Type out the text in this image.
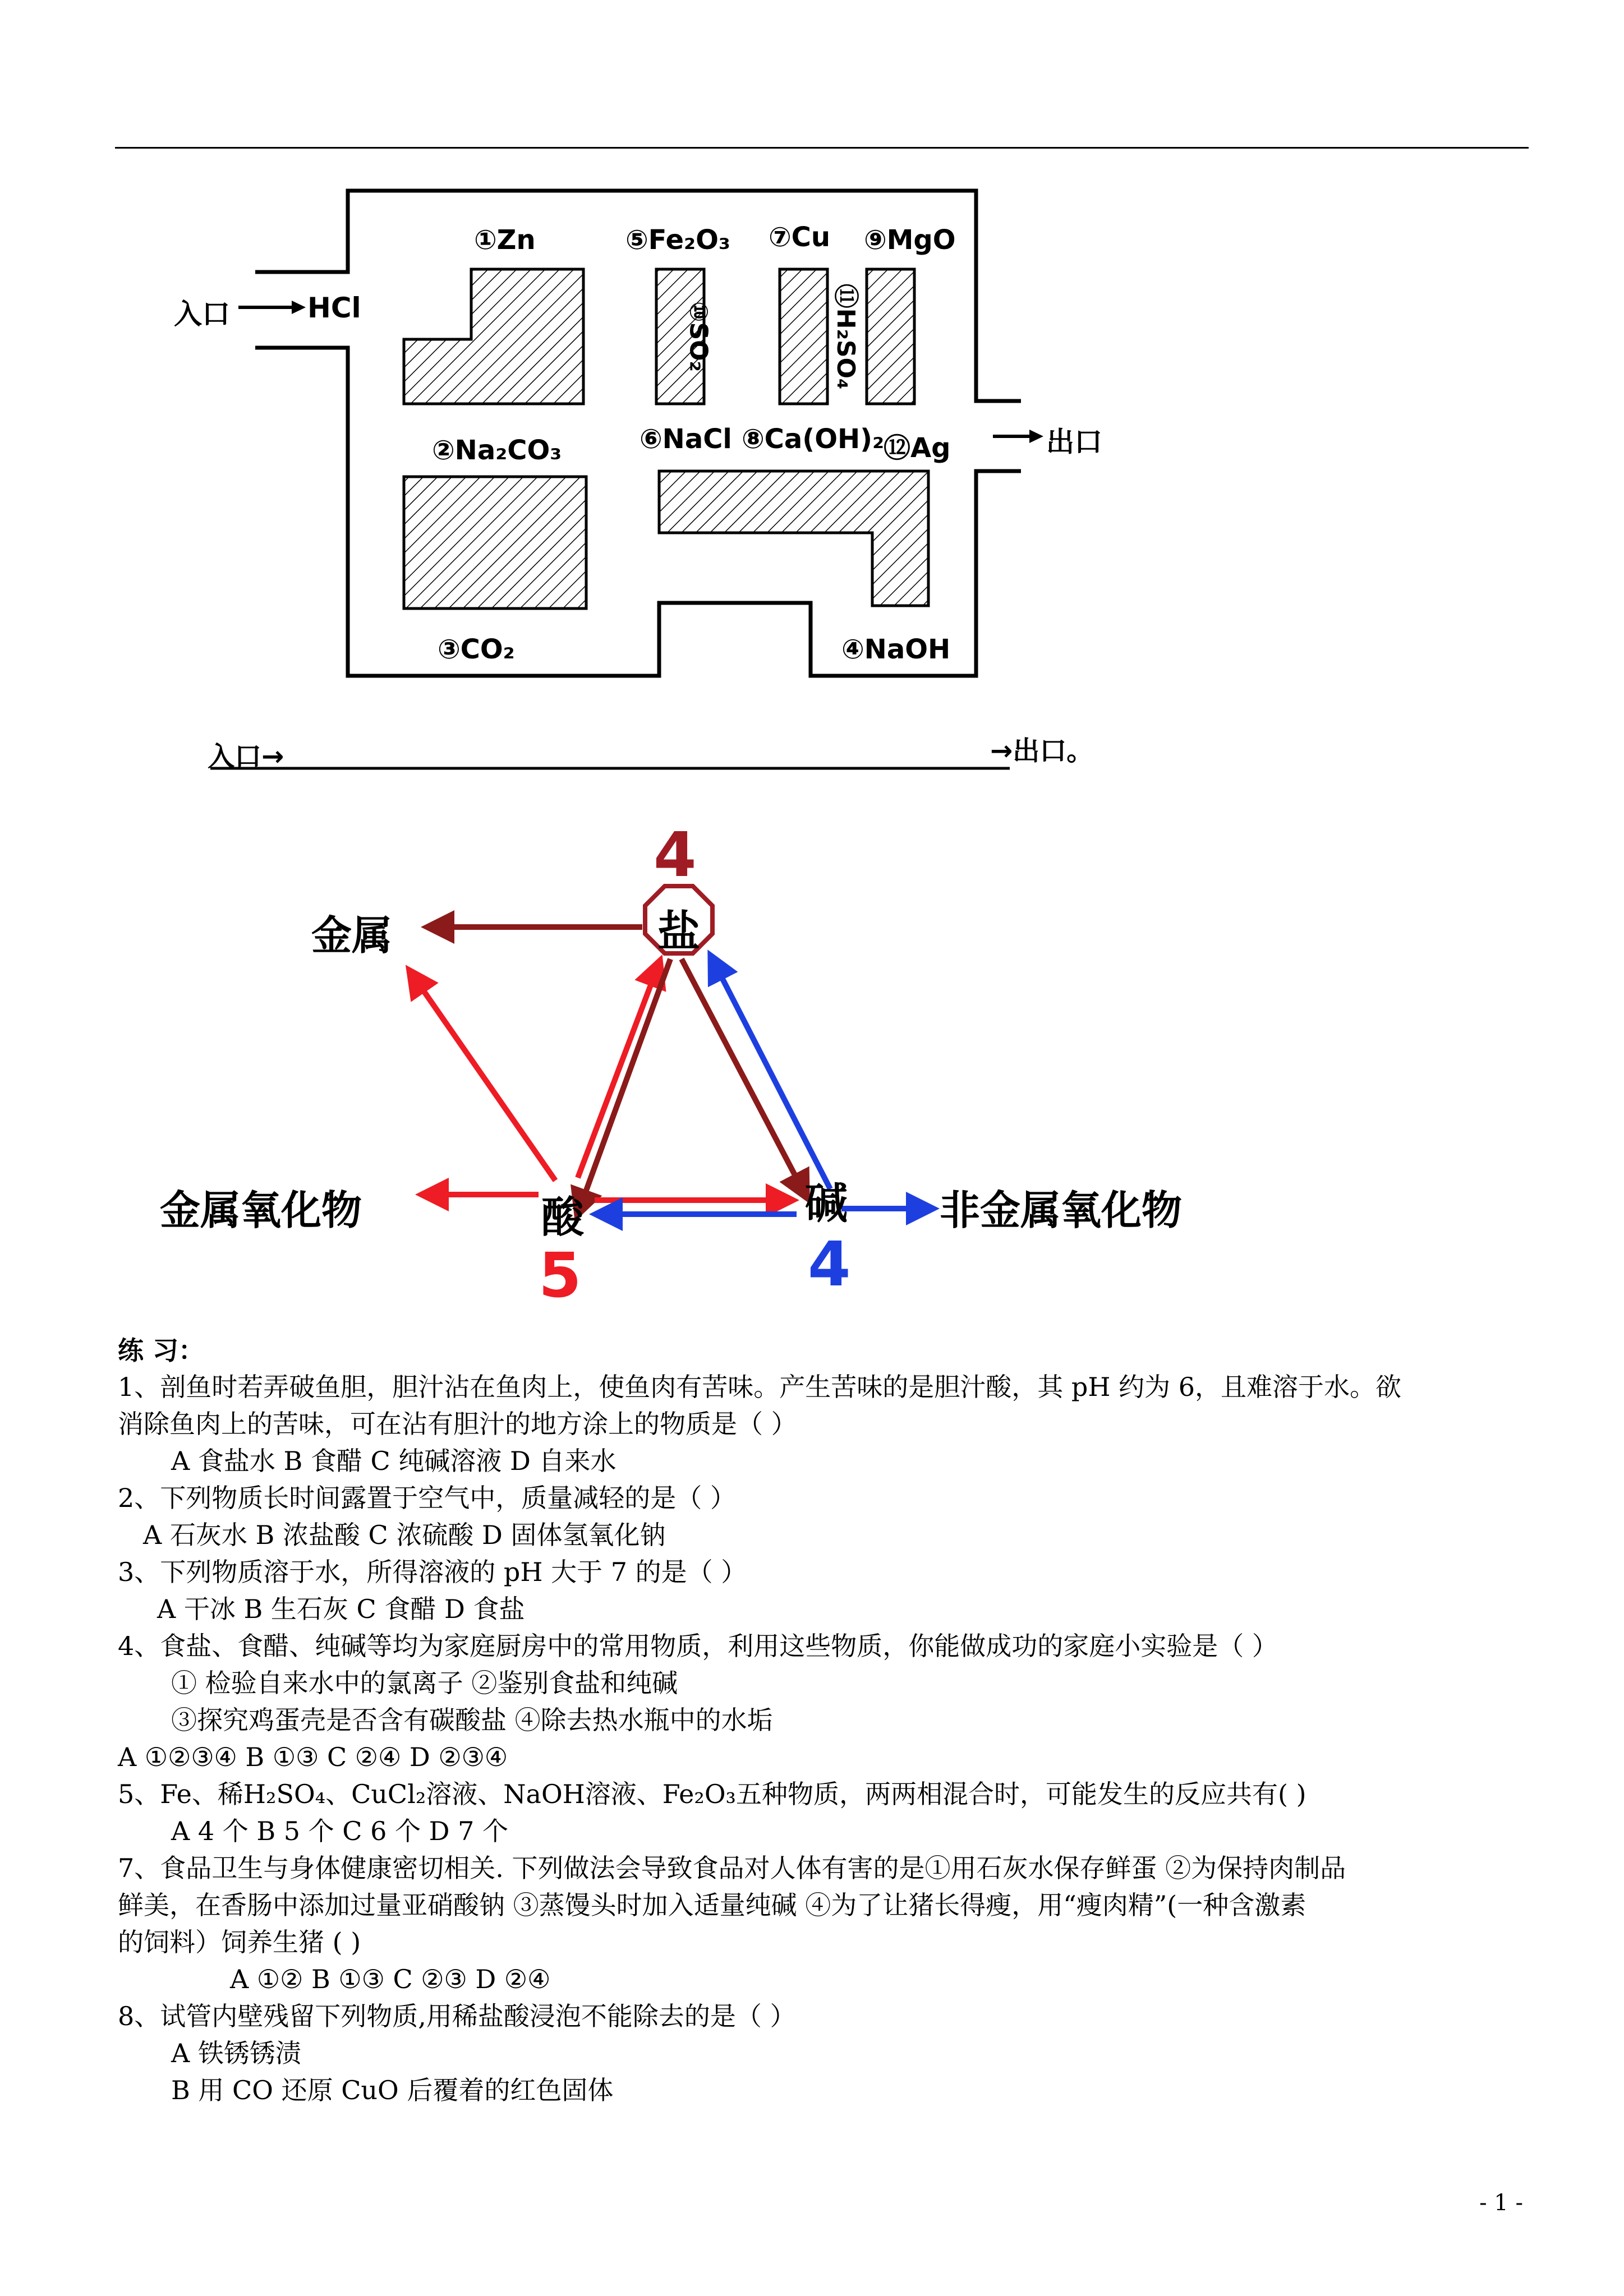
入口	HCl
出口
①Zn
②Na₂CO₃
③CO₂	④NaOH
⑤Fe₂O₃
⑥NaCl
⑦Cu
⑧Ca(OH)₂
⑨MgO
⑩SO₂
⑪H₂SO₄
⑫Ag
入口→	→出口。
4
盐
金属
金属氧化物	酸	碱 非金属氧化物
5	4
练 习：
1、剖鱼时若弄破鱼胆，胆汁沾在鱼肉上，使鱼肉有苦味。产生苦味的是胆汁酸，其 pH 约为 6，且难溶于水。欲
消除鱼肉上的苦味，可在沾有胆汁的地方涂上的物质是（ ）
A 食盐水 B 食醋 C 纯碱溶液 D 自来水
2、下列物质长时间露置于空气中，质量减轻的是（ ）
A 石灰水 B 浓盐酸 C 浓硫酸 D 固体氢氧化钠
3、下列物质溶于水，所得溶液的 pH 大于 7 的是（ ）
A 干冰 B 生石灰 C 食醋 D 食盐
4、食盐、食醋、纯碱等均为家庭厨房中的常用物质，利用这些物质，你能做成功的家庭小实验是（ ）
① 检验自来水中的氯离子 ②鉴别食盐和纯碱
③探究鸡蛋壳是否含有碳酸盐 ④除去热水瓶中的水垢
A ①②③④ B ①③ C ②④ D ②③④
5、Fe、稀H₂SO₄、CuCl₂溶液、NaOH溶液、Fe₂O₃五种物质，两两相混合时，可能发生的反应共有( )
A 4 个 B 5 个 C 6 个 D 7 个
7、食品卫生与身体健康密切相关. 下列做法会导致食品对人体有害的是①用石灰水保存鲜蛋 ②为保持肉制品
鲜美，在香肠中添加过量亚硝酸钠 ③蒸馒头时加入适量纯碱 ④为了让猪长得瘦，用“瘦肉精”(一种含激素
的饲料）饲养生猪 ( )
A ①② B ①③ C ②③ D ②④
8、试管内壁残留下列物质,用稀盐酸浸泡不能除去的是（ ）
A 铁锈锈渍
B 用 CO 还原 CuO 后覆着的红色固体
- 1 -
